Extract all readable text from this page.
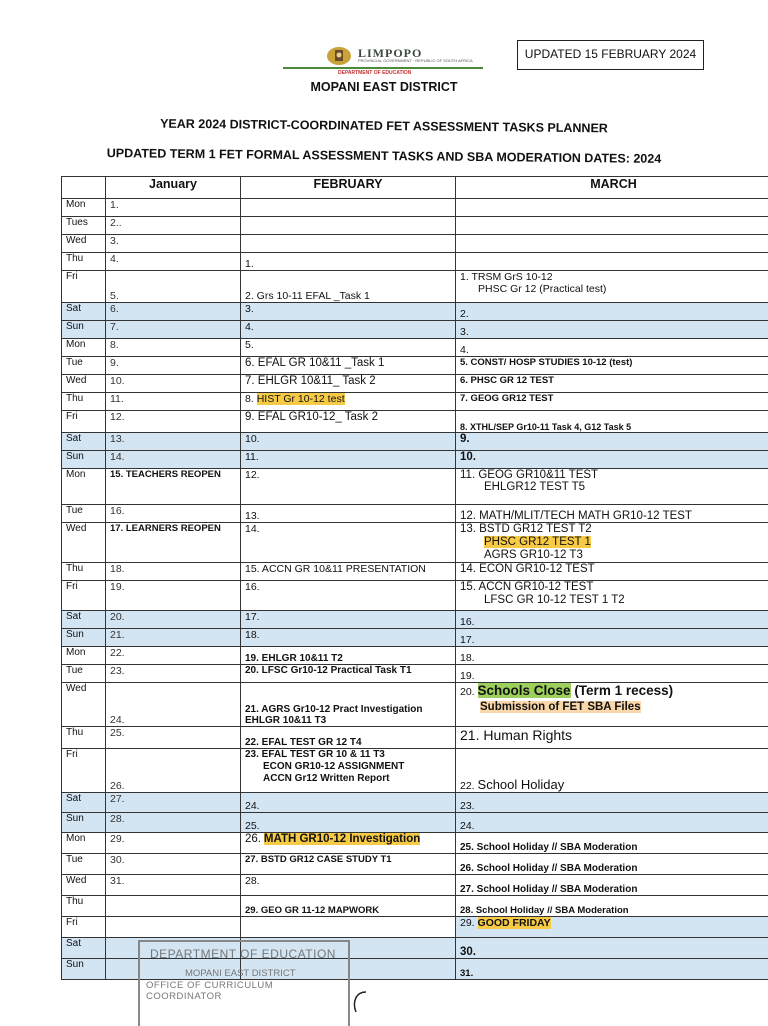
LIMPOPO
PROVINCIAL GOVERNMENT · REPUBLIC OF SOUTH AFRICA
DEPARTMENT OF EDUCATION
UPDATED 15 FEBRUARY 2024
MOPANI EAST DISTRICT
YEAR 2024 DISTRICT-COORDINATED FET ASSESSMENT TASKS PLANNER
UPDATED TERM 1 FET FORMAL ASSESSMENT TASKS AND SBA MODERATION DATES: 2024
	January	FEBRUARY	MARCH
Mon	1.		
Tues	2..		
Wed	3.		
Thu	4.	1.	
Fri	5.	2. Grs 10-11 EFAL _Task 1	1. TRSM GrS 10-12
PHSC Gr 12 (Practical test)

Sat	6.	3.	2.
Sun	7.	4.	3.
Mon	8.	5.	4.
Tue	9.	6. EFAL GR 10&11 _Task 1	5. CONST/ HOSP STUDIES 10-12 (test)
Wed	10.	7. EHLGR 10&11_ Task 2	6. PHSC GR 12 TEST
Thu	11.	8. HIST Gr 10-12 test	7. GEOG GR12 TEST
Fri	12.	9. EFAL GR10-12_ Task 2	8. XTHL/SEP Gr10-11 Task 4, G12 Task 5
Sat	13.	10.	9.
Sun	14.	11.	10.
Mon	15. TEACHERS REOPEN	12.	11. GEOG GR10&11 TEST
EHLGR12 TEST T5

Tue	16.	13.	12. MATH/MLIT/TECH MATH GR10-12 TEST
Wed	17. LEARNERS REOPEN	14.	13. BSTD GR12 TEST T2
PHSC GR12 TEST 1
AGRS GR10-12 T3

Thu	18.	15. ACCN GR 10&11 PRESENTATION	14. ECON GR10-12 TEST
Fri	19.	16.	15. ACCN GR10-12 TEST
LFSC GR 10-12 TEST 1 T2

Sat	20.	17.	16.
Sun	21.	18.	17.
Mon	22.	19. EHLGR 10&11 T2	18.
Tue	23.	20. LFSC Gr10-12 Practical Task T1	19.
Wed	24.	21. AGRS Gr10-12 Pract Investigation
EHLGR 10&11 T3	20. Schools Close (Term 1 recess)
Submission of FET SBA Files

Thu	25.	22. EFAL TEST GR 12 T4	21. Human Rights
Fri	26.	23. EFAL TEST GR 10 & 11 T3
ECON GR10-12 ASSIGNMENT
ACCN Gr12 Written Report	22. School Holiday
Sat	27.	24.	23.
Sun	28.	25.	24.
Mon	29.	26. MATH GR10-12 Investigation	25. School Holiday // SBA Moderation
Tue	30.	27. BSTD GR12 CASE STUDY T1	26. School Holiday // SBA Moderation
Wed	31.	28.	27. School Holiday // SBA Moderation
Thu		29. GEO GR 11-12 MAPWORK	28. School Holiday // SBA Moderation
Fri			29. GOOD FRIDAY
Sat			30.
Sun			31.
DEPARTMENT OF EDUCATION
MOPANI EAST DISTRICT
OFFICE OF CURRICULUM COORDINATOR
